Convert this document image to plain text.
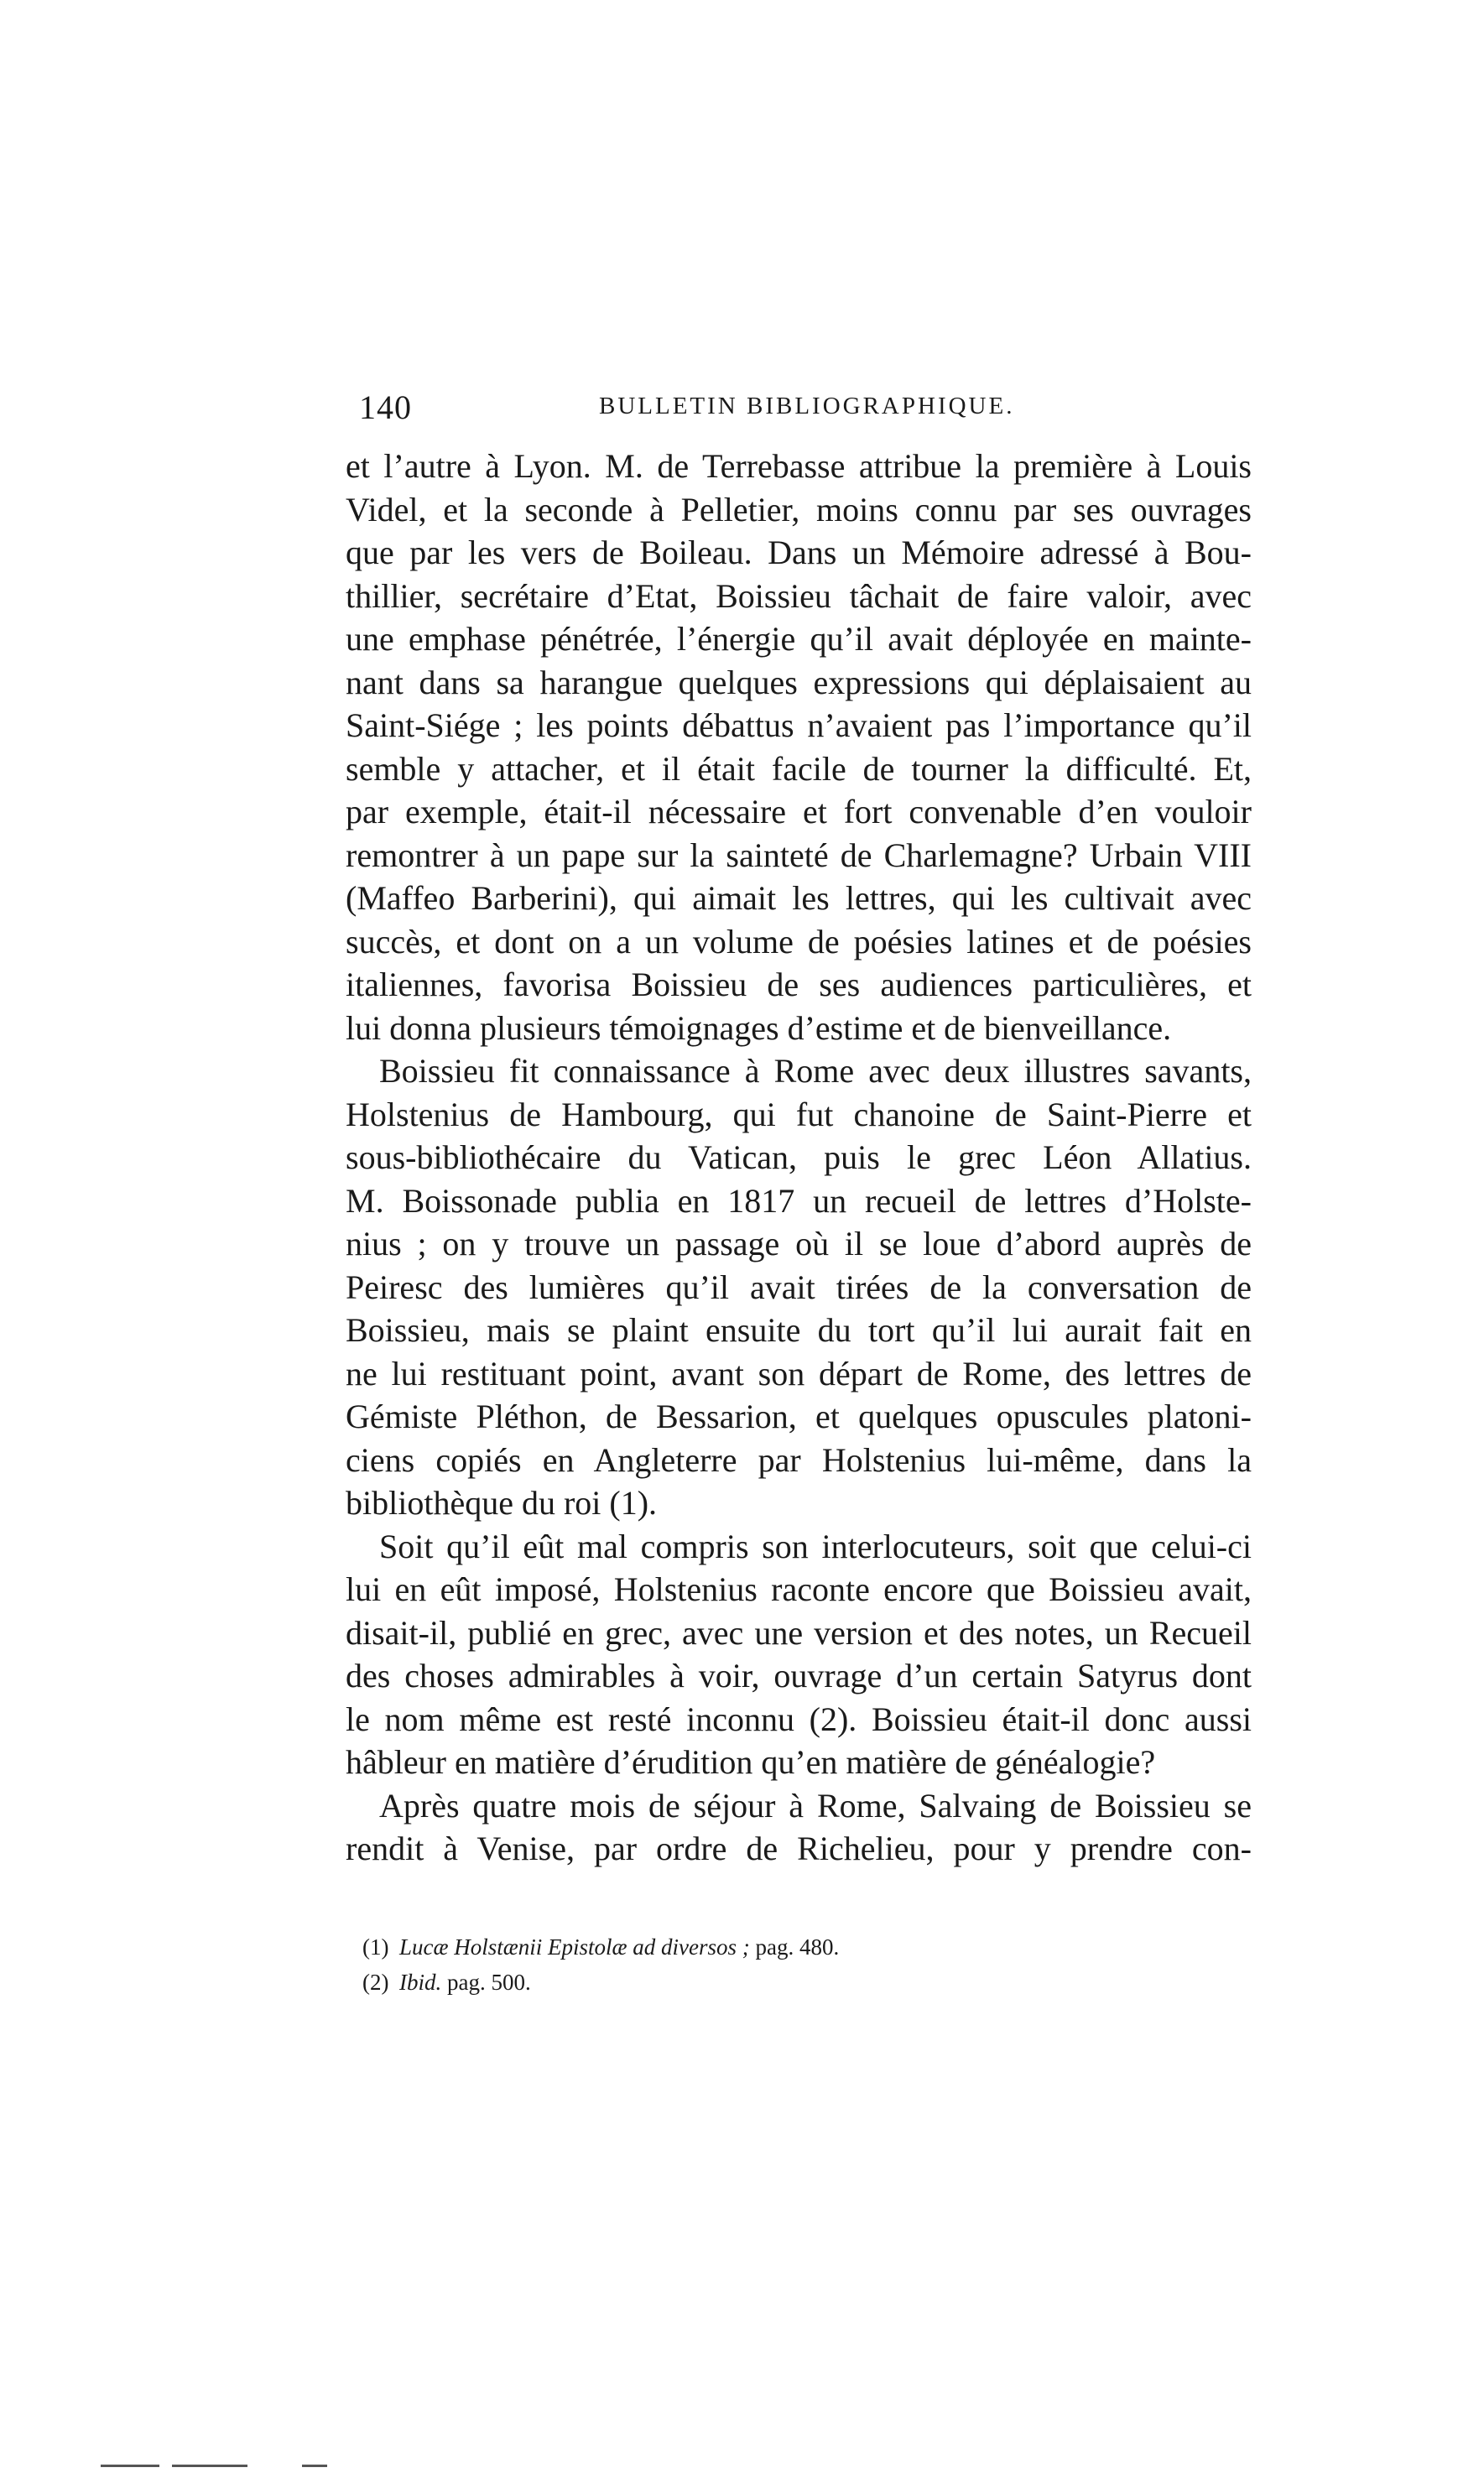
140	BULLETIN BIBLIOGRAPHIQUE.
et l’autre à Lyon. M. de Terrebasse attribue la première à Louis
Videl, et la seconde à Pelletier, moins connu par ses ouvrages
que par les vers de Boileau. Dans un Mémoire adressé à Bou-
thillier, secrétaire d’Etat, Boissieu tâchait de faire valoir, avec
une emphase pénétrée, l’énergie qu’il avait déployée en mainte-
nant dans sa harangue quelques expressions qui déplaisaient au
Saint-Siége ; les points débattus n’avaient pas l’importance qu’il
semble y attacher, et il était facile de tourner la difficulté. Et,
par exemple, était-il nécessaire et fort convenable d’en vouloir
remontrer à un pape sur la sainteté de Charlemagne? Urbain VIII
(Maffeo Barberini), qui aimait les lettres, qui les cultivait avec
succès, et dont on a un volume de poésies latines et de poésies
italiennes, favorisa Boissieu de ses audiences particulières, et
lui donna plusieurs témoignages d’estime et de bienveillance.
Boissieu fit connaissance à Rome avec deux illustres savants,
Holstenius de Hambourg, qui fut chanoine de Saint-Pierre et
sous-bibliothécaire du Vatican, puis le grec Léon Allatius.
M. Boissonade publia en 1817 un recueil de lettres d’Holste-
nius ; on y trouve un passage où il se loue d’abord auprès de
Peiresc des lumières qu’il avait tirées de la conversation de
Boissieu, mais se plaint ensuite du tort qu’il lui aurait fait en
ne lui restituant point, avant son départ de Rome, des lettres de
Gémiste Pléthon, de Bessarion, et quelques opuscules platoni-
ciens copiés en Angleterre par Holstenius lui-même, dans la
bibliothèque du roi (1).
Soit qu’il eût mal compris son interlocuteurs, soit que celui-ci
lui en eût imposé, Holstenius raconte encore que Boissieu avait,
disait-il, publié en grec, avec une version et des notes, un Recueil
des choses admirables à voir, ouvrage d’un certain Satyrus dont
le nom même est resté inconnu (2). Boissieu était-il donc aussi
hâbleur en matière d’érudition qu’en matière de généalogie?
Après quatre mois de séjour à Rome, Salvaing de Boissieu se
rendit à Venise, par ordre de Richelieu, pour y prendre con-
(1) Lucæ Holstænii Epistolæ ad diversos ; pag. 480.
(2) Ibid. pag. 500.
